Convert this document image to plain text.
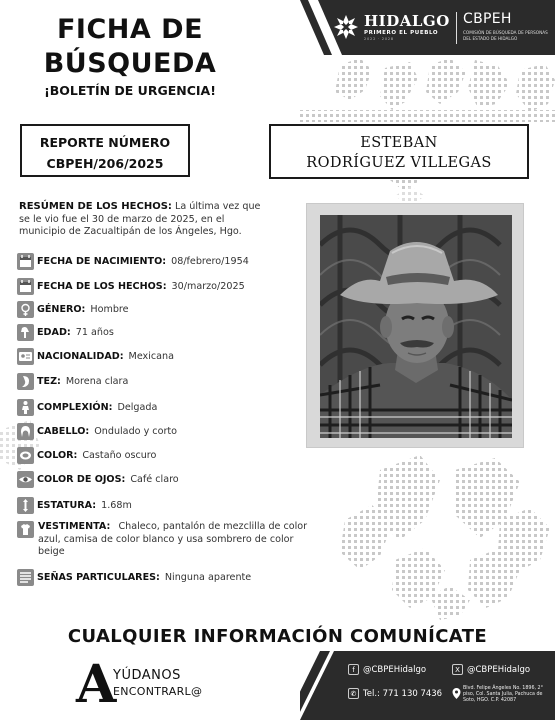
HIDALGO
PRIMERO EL PUEBLO
2022 · 2028
CBPEH
COMISIÓN DE BÚSQUEDA DE PERSONAS DEL ESTADO DE HIDALGO
FICHA DE
BÚSQUEDA
¡BOLETÍN DE URGENCIA!
REPORTE NÚMERO
CBPEH/206/2025
ESTEBAN
RODRÍGUEZ VILLEGAS
RESÚMEN DE LOS HECHOS: La última vez que se le vio fue el 30 de marzo de 2025, en el municipio de Zacualtipán de los Ángeles, Hgo.
FECHA DE NACIMIENTO: 08/febrero/1954
FECHA DE LOS HECHOS: 30/marzo/2025
GÉNERO: Hombre
EDAD: 71 años
NACIONALIDAD: Mexicana
TEZ: Morena clara
COMPLEXIÓN: Delgada
CABELLO: Ondulado y corto
COLOR: Castaño oscuro
COLOR DE OJOS: Café claro
ESTATURA: 1.68m
VESTIMENTA: Chaleco, pantalón de mezclilla de color azul, camisa de color blanco y usa sombrero de color beige
SEÑAS PARTICULARES: Ninguna aparente
CUALQUIER INFORMACIÓN COMUNÍCATE
A
YÚDANOS
ENCONTRARL@
f @CBPEHidalgo	X @CBPEHidalgo
✆ Tel.: 771 130 7436	Blvd. Felipe Ángeles No. 1896, 2° piso, Col. Santa Julia, Pachuca de Soto, HGO. C.P. 42087
